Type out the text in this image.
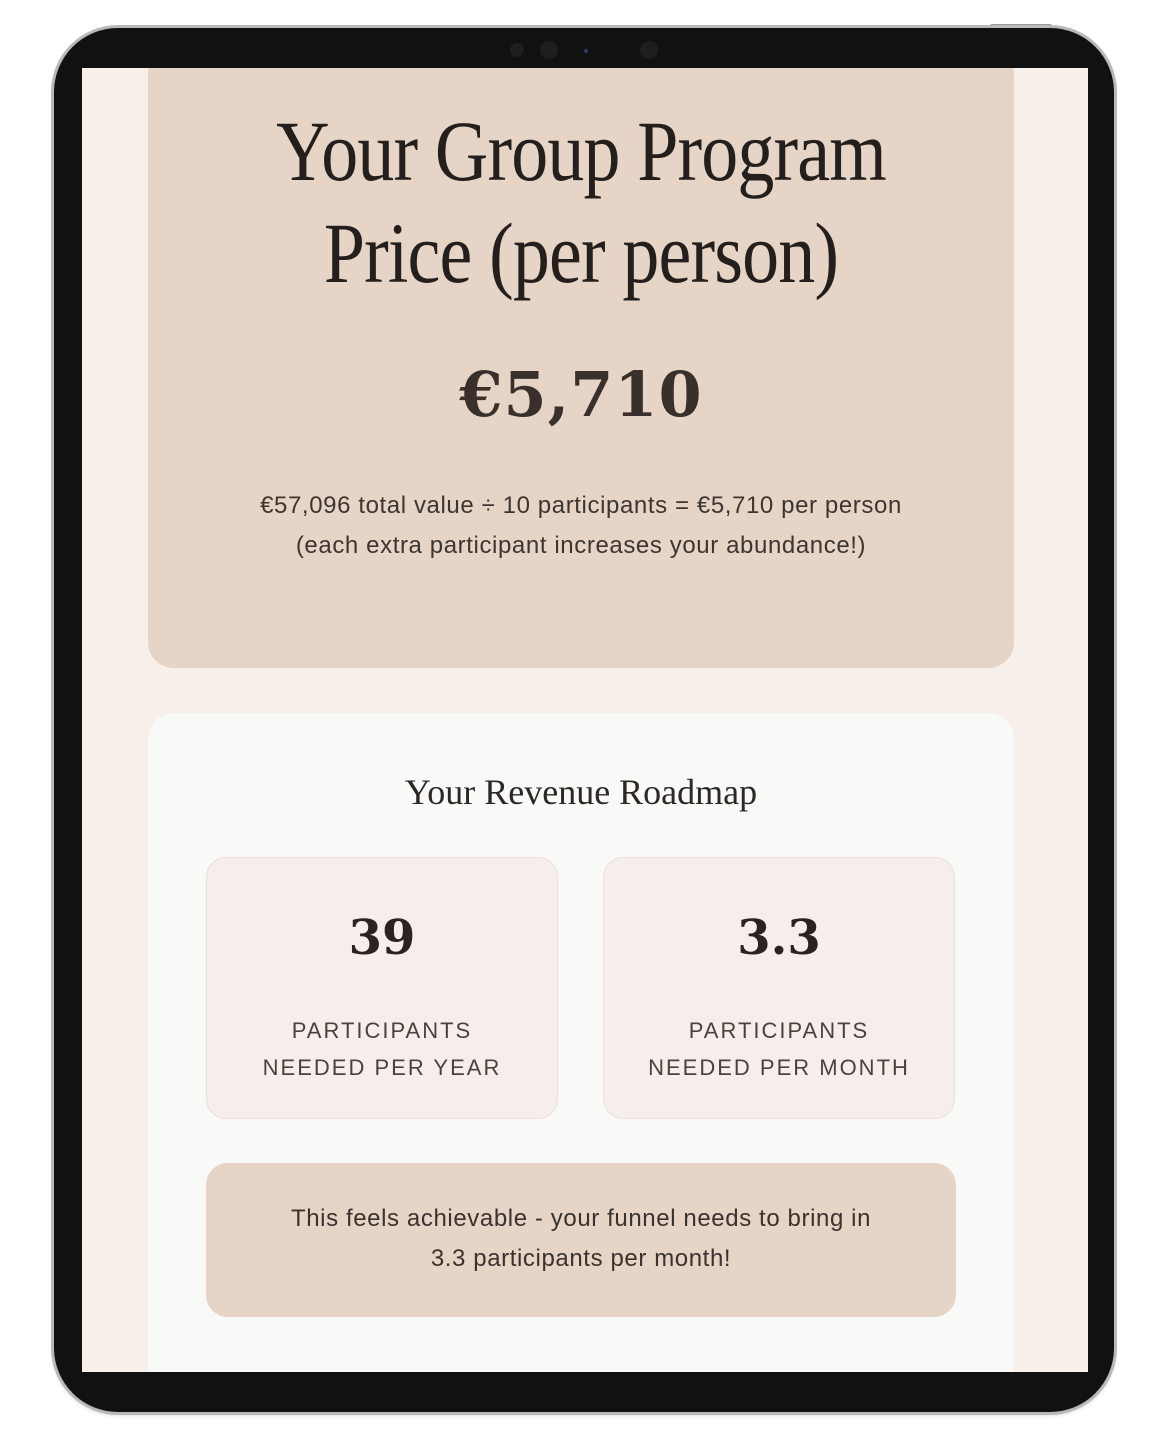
Your Group Program
Price (per person)
€5,710
€57,096 total value ÷ 10 participants = €5,710 per person
(each extra participant increases your abundance!)
Your Revenue Roadmap
39
PARTICIPANTS
NEEDED PER YEAR
3.3
PARTICIPANTS
NEEDED PER MONTH
This feels achievable - your funnel needs to bring in
3.3 participants per month!
